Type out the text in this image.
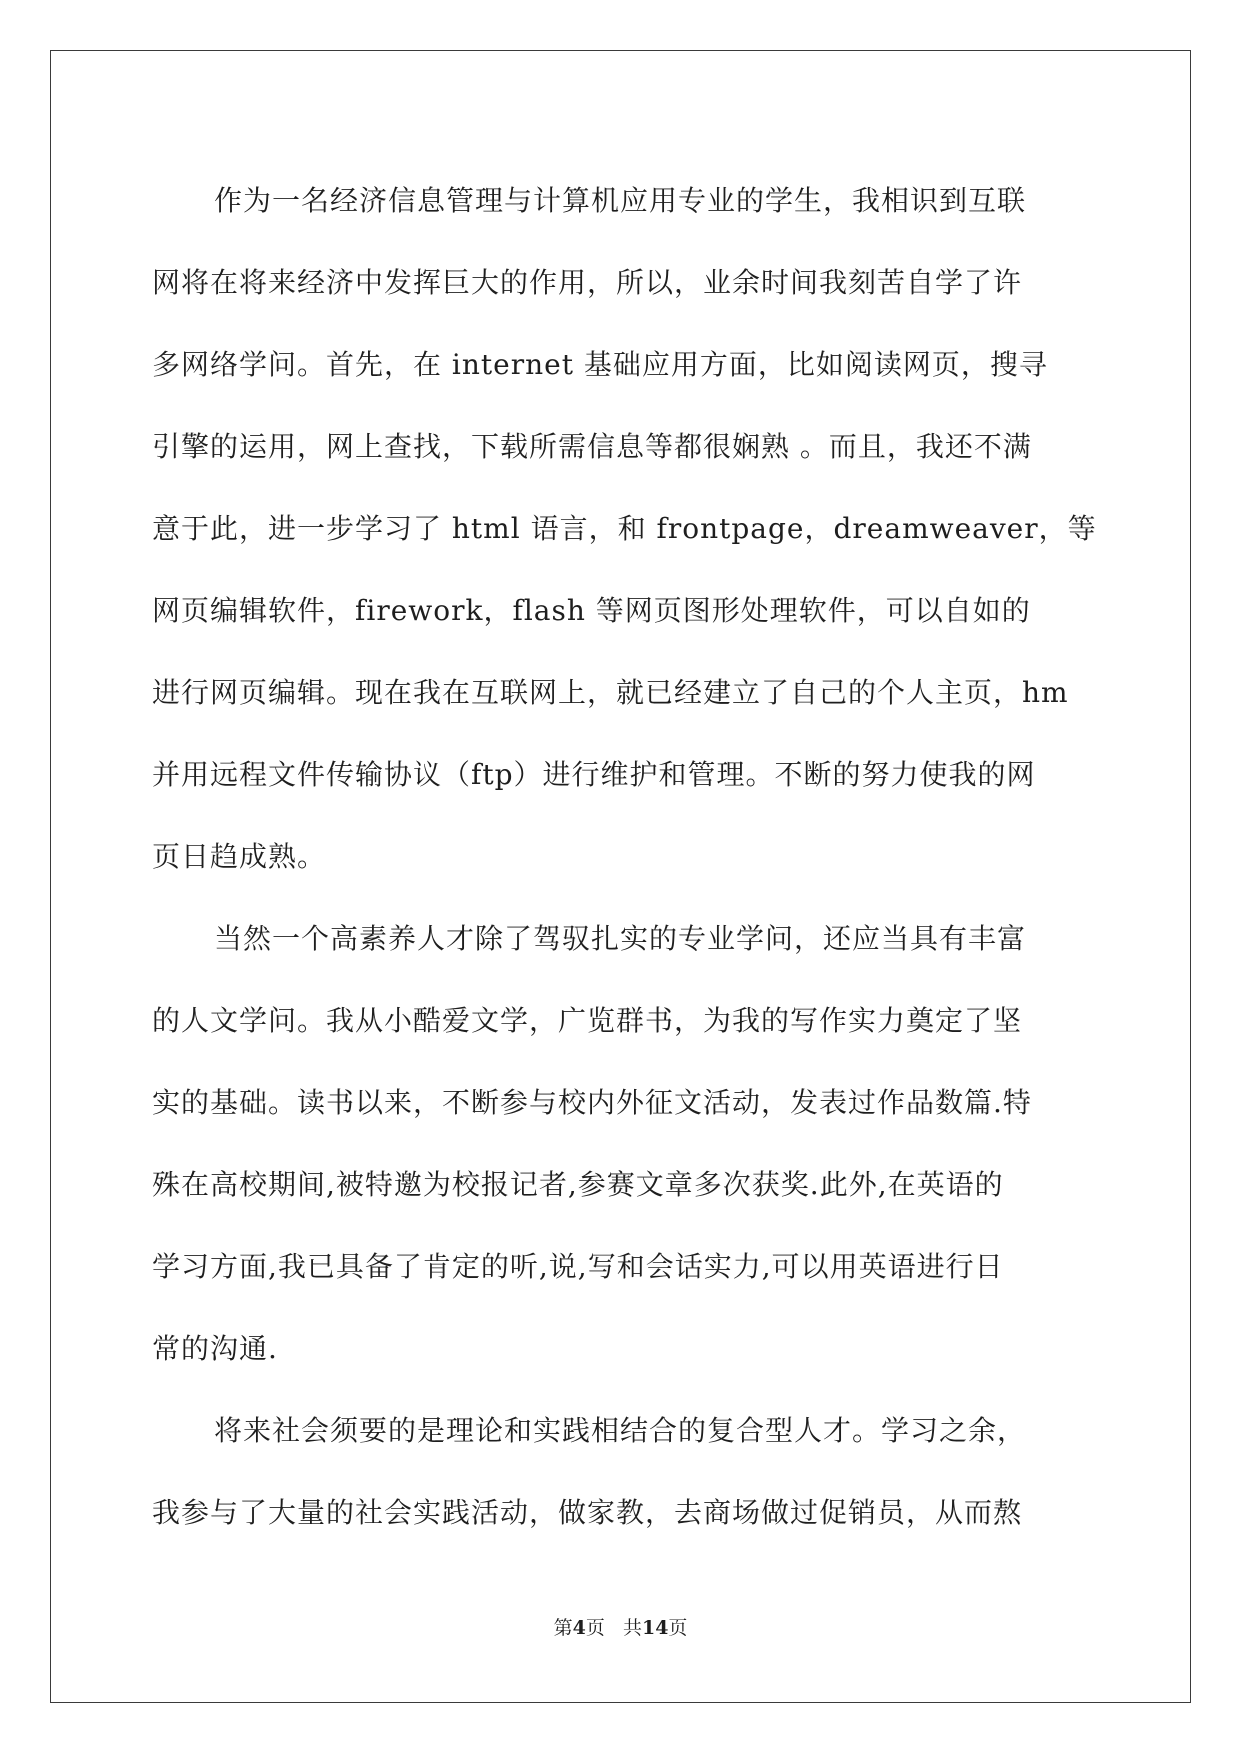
作为一名经济信息管理与计算机应用专业的学生，我相识到互联
网将在将来经济中发挥巨大的作用，所以，业余时间我刻苦自学了许
多网络学问。首先，在 internet 基础应用方面，比如阅读网页，搜寻
引擎的运用，网上查找，下载所需信息等都很娴熟 。而且，我还不满
意于此，进一步学习了 html 语言，和 frontpage，dreamweaver，等
网页编辑软件，firework，flash 等网页图形处理软件，可以自如的
进行网页编辑。现在我在互联网上，就已经建立了自己的个人主页，hm
并用远程文件传输协议（ftp）进行维护和管理。不断的努力使我的网
页日趋成熟。
当然一个高素养人才除了驾驭扎实的专业学问，还应当具有丰富
的人文学问。我从小酷爱文学，广览群书，为我的写作实力奠定了坚
实的基础。读书以来，不断参与校内外征文活动，发表过作品数篇.特
殊在高校期间,被特邀为校报记者,参赛文章多次获奖.此外,在英语的
学习方面,我已具备了肯定的听,说,写和会话实力,可以用英语进行日
常的沟通.
将来社会须要的是理论和实践相结合的复合型人才。学习之余，
我参与了大量的社会实践活动，做家教，去商场做过促销员，从而熬
第4页 共14页
